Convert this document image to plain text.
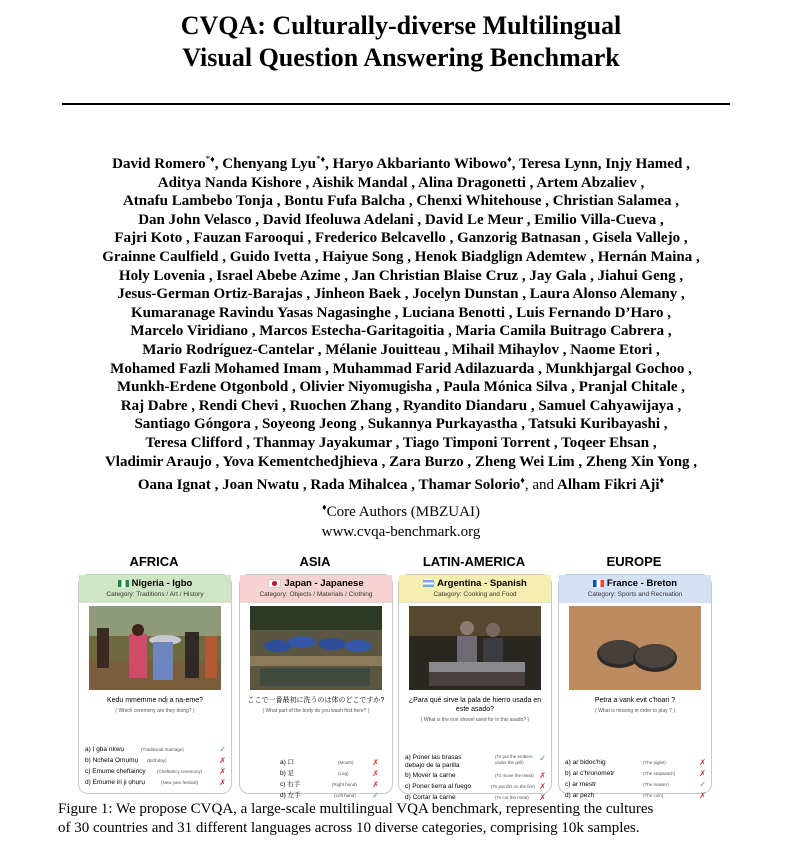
CVQA: Culturally-diverse Multilingual
Visual Question Answering Benchmark
David Romero*♦, Chenyang Lyu*♦, Haryo Akbarianto Wibowo♦, Teresa Lynn, Injy Hamed ,
Aditya Nanda Kishore , Aishik Mandal , Alina Dragonetti , Artem Abzaliev ,
Atnafu Lambebo Tonja , Bontu Fufa Balcha , Chenxi Whitehouse , Christian Salamea ,
Dan John Velasco , David Ifeoluwa Adelani , David Le Meur , Emilio Villa-Cueva ,
Fajri Koto , Fauzan Farooqui , Frederico Belcavello , Ganzorig Batnasan , Gisela Vallejo ,
Grainne Caulfield , Guido Ivetta , Haiyue Song , Henok Biadglign Ademtew , Hernán Maina ,
Holy Lovenia , Israel Abebe Azime , Jan Christian Blaise Cruz , Jay Gala , Jiahui Geng ,
Jesus-German Ortiz-Barajas , Jinheon Baek , Jocelyn Dunstan , Laura Alonso Alemany ,
Kumaranage Ravindu Yasas Nagasinghe , Luciana Benotti , Luis Fernando D’Haro ,
Marcelo Viridiano , Marcos Estecha-Garitagoitia , Maria Camila Buitrago Cabrera ,
Mario Rodríguez-Cantelar , Mélanie Jouitteau , Mihail Mihaylov , Naome Etori ,
Mohamed Fazli Mohamed Imam , Muhammad Farid Adilazuarda , Munkhjargal Gochoo ,
Munkh-Erdene Otgonbold , Olivier Niyomugisha , Paula Mónica Silva , Pranjal Chitale ,
Raj Dabre , Rendi Chevi , Ruochen Zhang , Ryandito Diandaru , Samuel Cahyawijaya ,
Santiago Góngora , Soyeong Jeong , Sukannya Purkayastha , Tatsuki Kuribayashi ,
Teresa Clifford , Thanmay Jayakumar , Tiago Timponi Torrent , Toqeer Ehsan ,
Vladimir Araujo , Yova Kementchedjhieva , Zara Burzo , Zheng Wei Lim , Zheng Xin Yong ,
Oana Ignat , Joan Nwatu , Rada Mihalcea , Thamar Solorio♦, and Alham Fikri Aji♦
♦Core Authors (MBZUAI)
www.cvqa-benchmark.org
AFRICA
Nigeria - Igbo
Category: Traditions / Art / History
Kedu mmemme ndị a na-eme?
( Which ceremony are they doing? )
a) Ị gba nkwụ	(Traditional marriage)	✓
b) Ncheta Ọmụmụ (Birthday)	✗
c) Emume cheftaincy	(Cheftaincy ceremony) ✗
d) Emume iri ji ọhụrụ	(New yam festival)	✗
ASIA
Japan - Japanese
Category: Objects / Materials / Clothing
ここで一番最初に洗うのは体のどこですか?
( What part of the body do you wash first here? )
a) 口	(Mouth) ✗
b) 足	(Leg)	✗
c) 右手	(Right hand) ✗
d) 左手	(Left hand) ✓
LATIN-AMERICA
Argentina - Spanish
Category: Cooking and Food
¿Para qué sirve la pala de hierro usada en este asado?
( What is the iron shovel used for in this asado? )
a) Poner las brasas debajo de la parilla
(To put the embers under the grill)	✓
b) Mover la carne	(To move the meat) ✗
c) Poner tierra al fuego	(To put dirt on the fire) ✗
d) Cortar la carne	(To cut the meat) ✗
EUROPE
France - Breton
Category: Sports and Recreation
Petra a vank evit c'hoari ?
( What is missing in order to play ? )
a) ar bidoc'hig	(The piglet)	✗
b) ar c'hronometr	(The stopwatch)	✗
c) ar mestr	(The master)	✓
d) ar pezh	(The coin)	✗
Figure 1: We propose CVQA, a large-scale multilingual VQA benchmark, representing the cultures
of 30 countries and 31 different languages across 10 diverse categories, comprising 10k samples.
